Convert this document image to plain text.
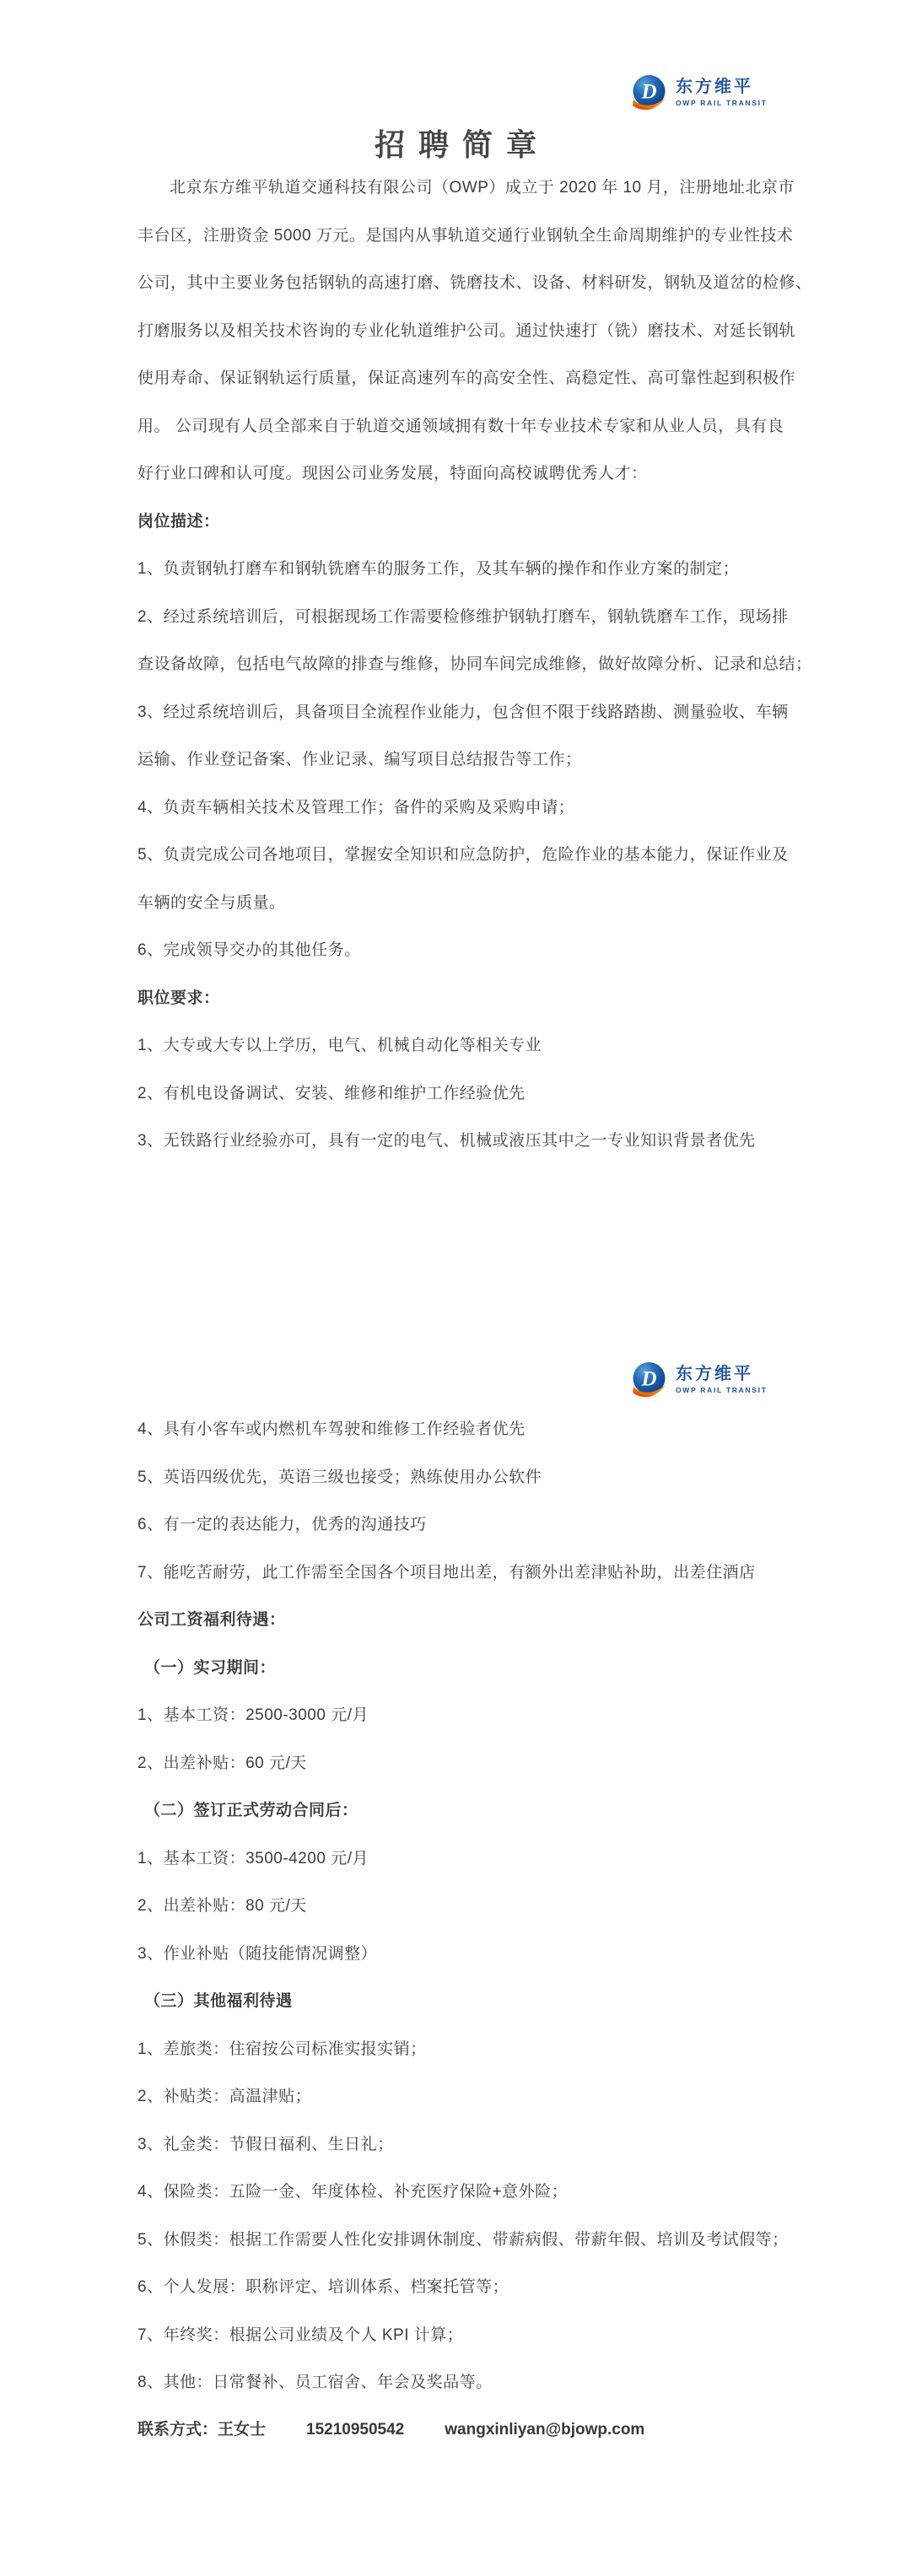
D 东方维平
OWP RAIL TRANSIT
招聘简章
北京东方维平轨道交通科技有限公司（OWP）成立于 2020 年 10 月，注册地址北京市
丰台区，注册资金 5000 万元。是国内从事轨道交通行业钢轨全生命周期维护的专业性技术
公司，其中主要业务包括钢轨的高速打磨、铣磨技术、设备、材料研发，钢轨及道岔的检修、
打磨服务以及相关技术咨询的专业化轨道维护公司。通过快速打（铣）磨技术、对延长钢轨
使用寿命、保证钢轨运行质量，保证高速列车的高安全性、高稳定性、高可靠性起到积极作
用。 公司现有人员全部来自于轨道交通领域拥有数十年专业技术专家和从业人员，具有良
好行业口碑和认可度。现因公司业务发展，特面向高校诚聘优秀人才：
岗位描述：
1、负责钢轨打磨车和钢轨铣磨车的服务工作，及其车辆的操作和作业方案的制定；
2、经过系统培训后，可根据现场工作需要检修维护钢轨打磨车，钢轨铣磨车工作，现场排
查设备故障，包括电气故障的排查与维修，协同车间完成维修，做好故障分析、记录和总结；
3、经过系统培训后，具备项目全流程作业能力，包含但不限于线路踏勘、测量验收、车辆
运输、作业登记备案、作业记录、编写项目总结报告等工作；
4、负责车辆相关技术及管理工作；备件的采购及采购申请；
5、负责完成公司各地项目，掌握安全知识和应急防护，危险作业的基本能力，保证作业及
车辆的安全与质量。
6、完成领导交办的其他任务。
职位要求：
1、大专或大专以上学历，电气、机械自动化等相关专业
2、有机电设备调试、安装、维修和维护工作经验优先
3、无铁路行业经验亦可，具有一定的电气、机械或液压其中之一专业知识背景者优先
D 东方维平
OWP RAIL TRANSIT
4、具有小客车或内燃机车驾驶和维修工作经验者优先
5、英语四级优先，英语三级也接受；熟练使用办公软件
6、有一定的表达能力，优秀的沟通技巧
7、能吃苦耐劳，此工作需至全国各个项目地出差，有额外出差津贴补助，出差住酒店
公司工资福利待遇：
（一）实习期间：
1、基本工资：2500-3000 元/月
2、出差补贴：60 元/天
（二）签订正式劳动合同后：
1、基本工资：3500-4200 元/月
2、出差补贴：80 元/天
3、作业补贴（随技能情况调整）
（三）其他福利待遇
1、差旅类：住宿按公司标准实报实销；
2、补贴类：高温津贴；
3、礼金类：节假日福利、生日礼；
4、保险类：五险一金、年度体检、补充医疗保险+意外险；
5、休假类：根据工作需要人性化安排调休制度、带薪病假、带薪年假、培训及考试假等；
6、个人发展：职称评定、培训体系、档案托管等；
7、年终奖：根据公司业绩及个人 KPI 计算；
8、其他：日常餐补、员工宿舍、年会及奖品等。
联系方式：王女士	15210950542	wangxinliyan@bjowp.com
